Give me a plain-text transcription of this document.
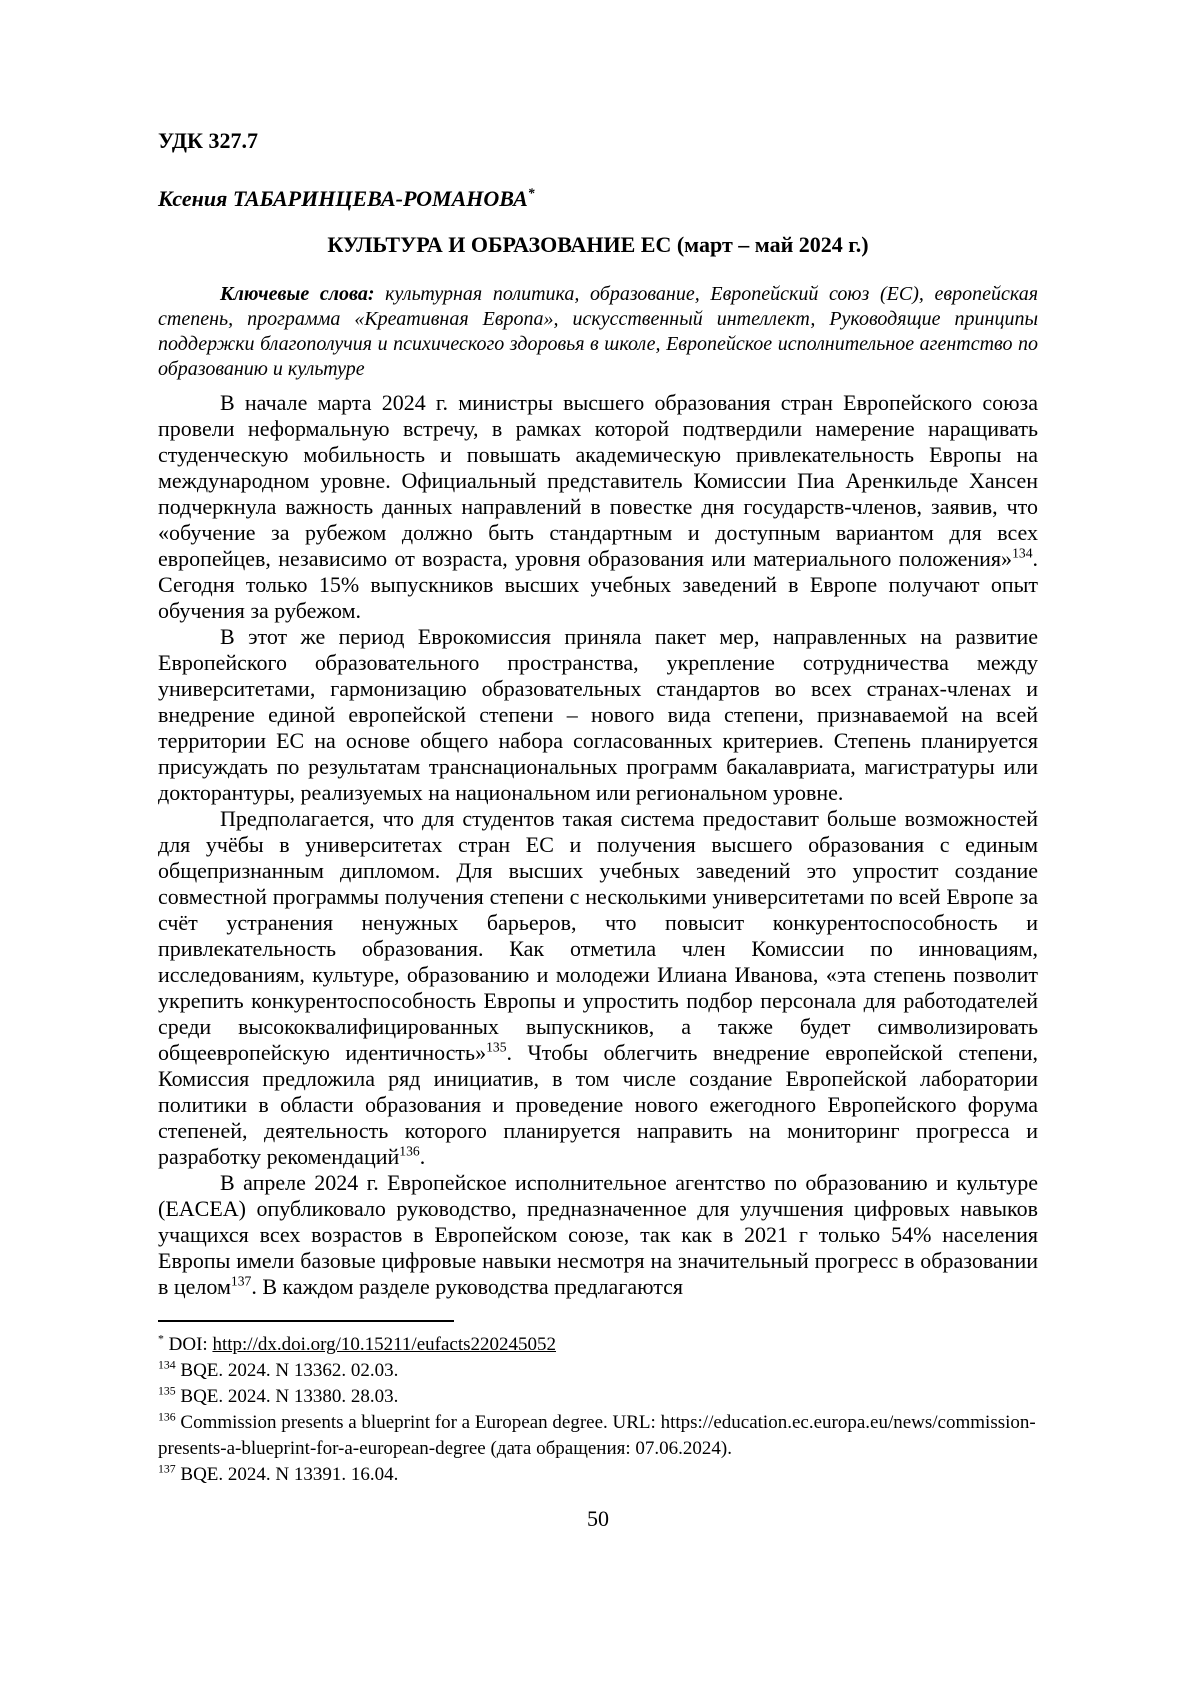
УДК 327.7
Ксения ТАБАРИНЦЕВА-РОМАНОВА*
КУЛЬТУРА И ОБРАЗОВАНИЕ ЕС (март – май 2024 г.)

Ключевые слова: культурная политика, образование, Европейский союз (ЕС), европейская степень, программа «Креативная Европа», искусственный интеллект, Руководящие принципы поддержки благополучия и психического здоровья в школе, Европейское исполнительное агентство по образованию и культуре

В начале марта 2024 г. министры высшего образования стран Европейского союза провели неформальную встречу, в рамках которой подтвердили намерение наращивать студенческую мобильность и повышать академическую привлекательность Европы на международном уровне. Официальный представитель Комиссии Пиа Аренкильде Хансен подчеркнула важность данных направлений в повестке дня государств-членов, заявив, что «обучение за рубежом должно быть стандартным и доступным вариантом для всех европейцев, независимо от возраста, уровня образования или материального положения»$^{134}$. Сегодня только 15% выпускников высших учебных заведений в Европе получают опыт обучения за рубежом.

В этот же период Еврокомиссия приняла пакет мер, направленных на развитие Европейского образовательного пространства, укрепление сотрудничества между университетами, гармонизацию образовательных стандартов во всех странах-членах и внедрение единой европейской степени – нового вида степени, признаваемой на всей территории ЕС на основе общего набора согласованных критериев. Степень планируется присуждать по результатам транснациональных программ бакалавриата, магистратуры или докторантуры, реализуемых на национальном или региональном уровне.

Предполагается, что для студентов такая система предоставит больше возможностей для учёбы в университетах стран ЕС и получения высшего образования с единым общепризнанным дипломом. Для высших учебных заведений это упростит создание совместной программы получения степени с несколькими университетами по всей Европе за счёт устранения ненужных барьеров, что повысит конкурентоспособность и привлекательность образования. Как отметила член Комиссии по инновациям, исследованиям, культуре, образованию и молодежи Илиана Иванова, «эта степень позволит укрепить конкурентоспособность Европы и упростить подбор персонала для работодателей среди высококвалифицированных выпускников, а также будет символизировать общеевропейскую идентичность»$^{135}$. Чтобы облегчить внедрение европейской степени, Комиссия предложила ряд инициатив, в том числе создание Европейской лаборатории политики в области образования и проведение нового ежегодного Европейского форума степеней, деятельность которого планируется направить на мониторинг прогресса и разработку рекомендаций$^{136}$.

В апреле 2024 г. Европейское исполнительное агентство по образованию и культуре (EACEA) опубликовало руководство, предназначенное для улучшения цифровых навыков учащихся всех возрастов в Европейском союзе, так как в 2021 г только 54% населения Европы имели базовые цифровые навыки несмотря на значительный прогресс в образовании в целом$^{137}$. В каждом разделе руководства предлагаются

* DOI: http://dx.doi.org/10.15211/eufacts220245052

$^{134}$ BQE. 2024. N 13362. 02.03.

$^{135}$ BQE. 2024. N 13380. 28.03.

$^{136}$ Commission presents a blueprint for a European degree. URL: https://education.ec.europa.eu/news/commission-presents-a-blueprint-for-a-european-degree (дата обращения: 07.06.2024).

$^{137}$ BQE. 2024. N 13391. 16.04.

50
